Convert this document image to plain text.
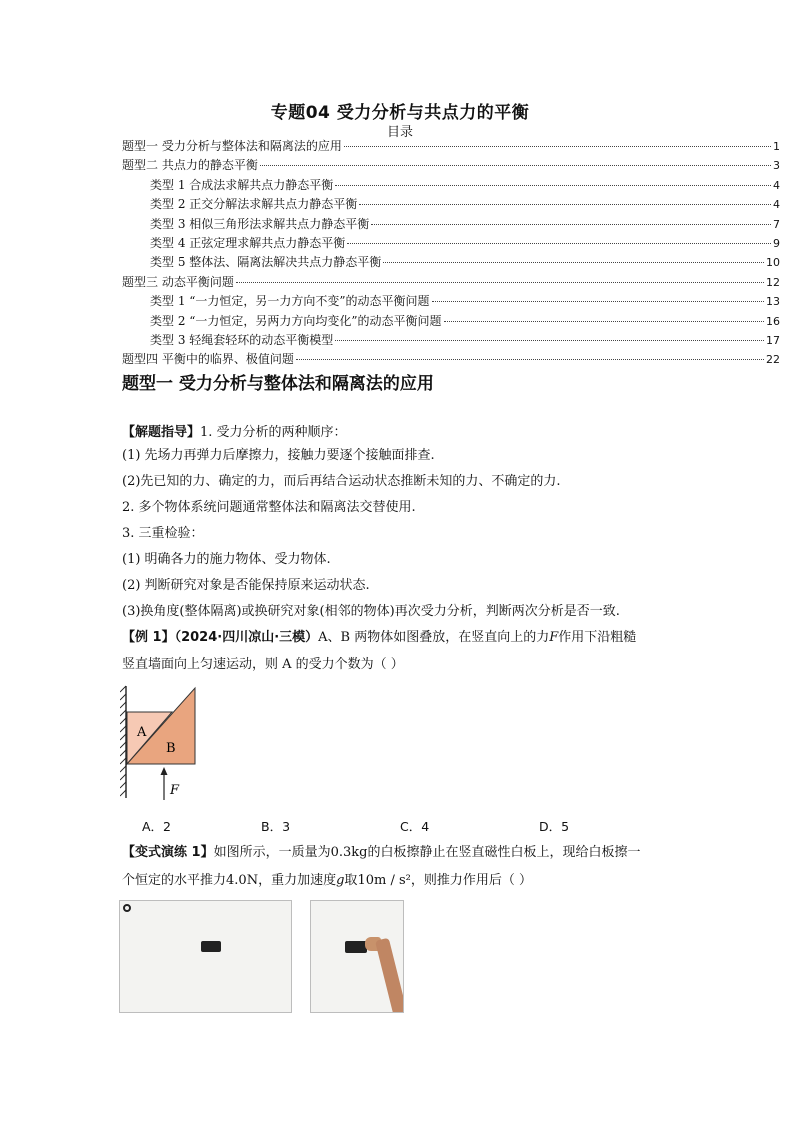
专题04 受力分析与共点力的平衡
目录
题型一 受力分析与整体法和隔离法的应用	1
题型二 共点力的静态平衡	3
类型 1 合成法求解共点力静态平衡	4
类型 2 正交分解法求解共点力静态平衡	4
类型 3 相似三角形法求解共点力静态平衡	7
类型 4 正弦定理求解共点力静态平衡	9
类型 5 整体法、隔离法解决共点力静态平衡	10
题型三 动态平衡问题	12
类型 1 “一力恒定，另一力方向不变”的动态平衡问题	13
类型 2 “一力恒定，另两力方向均变化”的动态平衡问题	16
类型 3 轻绳套轻环的动态平衡模型	17
题型四 平衡中的临界、极值问题	22
题型一 受力分析与整体法和隔离法的应用
【解题指导】1. 受力分析的两种顺序：
(1) 先场力再弹力后摩擦力，接触力要逐个接触面排查.
(2)先已知的力、确定的力，而后再结合运动状态推断未知的力、不确定的力.
2. 多个物体系统问题通常整体法和隔离法交替使用.
3. 三重检验：
(1) 明确各力的施力物体、受力物体.
(2) 判断研究对象是否能保持原来运动状态.
(3)换角度(整体隔离)或换研究对象(相邻的物体)再次受力分析，判断两次分析是否一致.
【例 1】（2024·四川凉山·三模）A、B 两物体如图叠放，在竖直向上的力F作用下沿粗糙
竖直墙面向上匀速运动，则 A 的受力个数为（ ）
A
B
F
A．2	B．3	C．4	D．5
【变式演练 1】如图所示，一质量为0.3kg的白板擦静止在竖直磁性白板上，现给白板擦一
个恒定的水平推力4.0N，重力加速度g取10m / s²，则推力作用后（ ）
